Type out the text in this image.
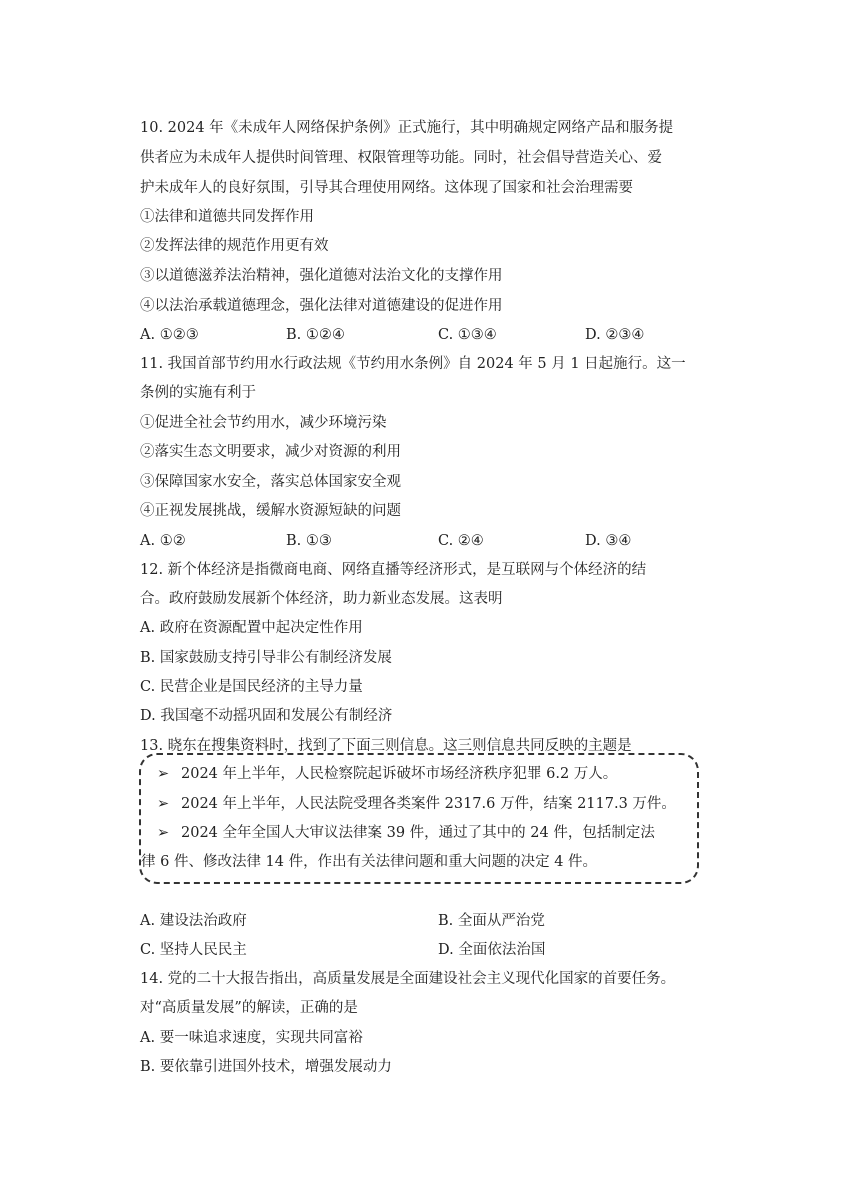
10. 2024 年《未成年人网络保护条例》正式施行，其中明确规定网络产品和服务提
供者应为未成年人提供时间管理、权限管理等功能。同时，社会倡导营造关心、爱
护未成年人的良好氛围，引导其合理使用网络。这体现了国家和社会治理需要
①法律和道德共同发挥作用
②发挥法律的规范作用更有效
③以道德滋养法治精神，强化道德对法治文化的支撑作用
④以法治承载道德理念，强化法律对道德建设的促进作用
A. ①②③	B. ①②④	C. ①③④	D. ②③④
11. 我国首部节约用水行政法规《节约用水条例》自 2024 年 5 月 1 日起施行。这一
条例的实施有利于
①促进全社会节约用水，减少环境污染
②落实生态文明要求，减少对资源的利用
③保障国家水安全，落实总体国家安全观
④正视发展挑战，缓解水资源短缺的问题
A. ①②	B. ①③	C. ②④	D. ③④
12. 新个体经济是指微商电商、网络直播等经济形式，是互联网与个体经济的结
合。政府鼓励发展新个体经济，助力新业态发展。这表明
A. 政府在资源配置中起决定性作用
B. 国家鼓励支持引导非公有制经济发展
C. 民营企业是国民经济的主导力量
D. 我国毫不动摇巩固和发展公有制经济
13. 晓东在搜集资料时，找到了下面三则信息。这三则信息共同反映的主题是
➢ 2024 年上半年，人民检察院起诉破坏市场经济秩序犯罪 6.2 万人。
➢ 2024 年上半年，人民法院受理各类案件 2317.6 万件，结案 2117.3 万件。
➢ 2024 全年全国人大审议法律案 39 件，通过了其中的 24 件，包括制定法
律 6 件、修改法律 14 件，作出有关法律问题和重大问题的决定 4 件。
A. 建设法治政府	B. 全面从严治党
C. 坚持人民民主	D. 全面依法治国
14. 党的二十大报告指出，高质量发展是全面建设社会主义现代化国家的首要任务。
对“高质量发展”的解读，正确的是
A. 要一味追求速度，实现共同富裕
B. 要依靠引进国外技术，增强发展动力
